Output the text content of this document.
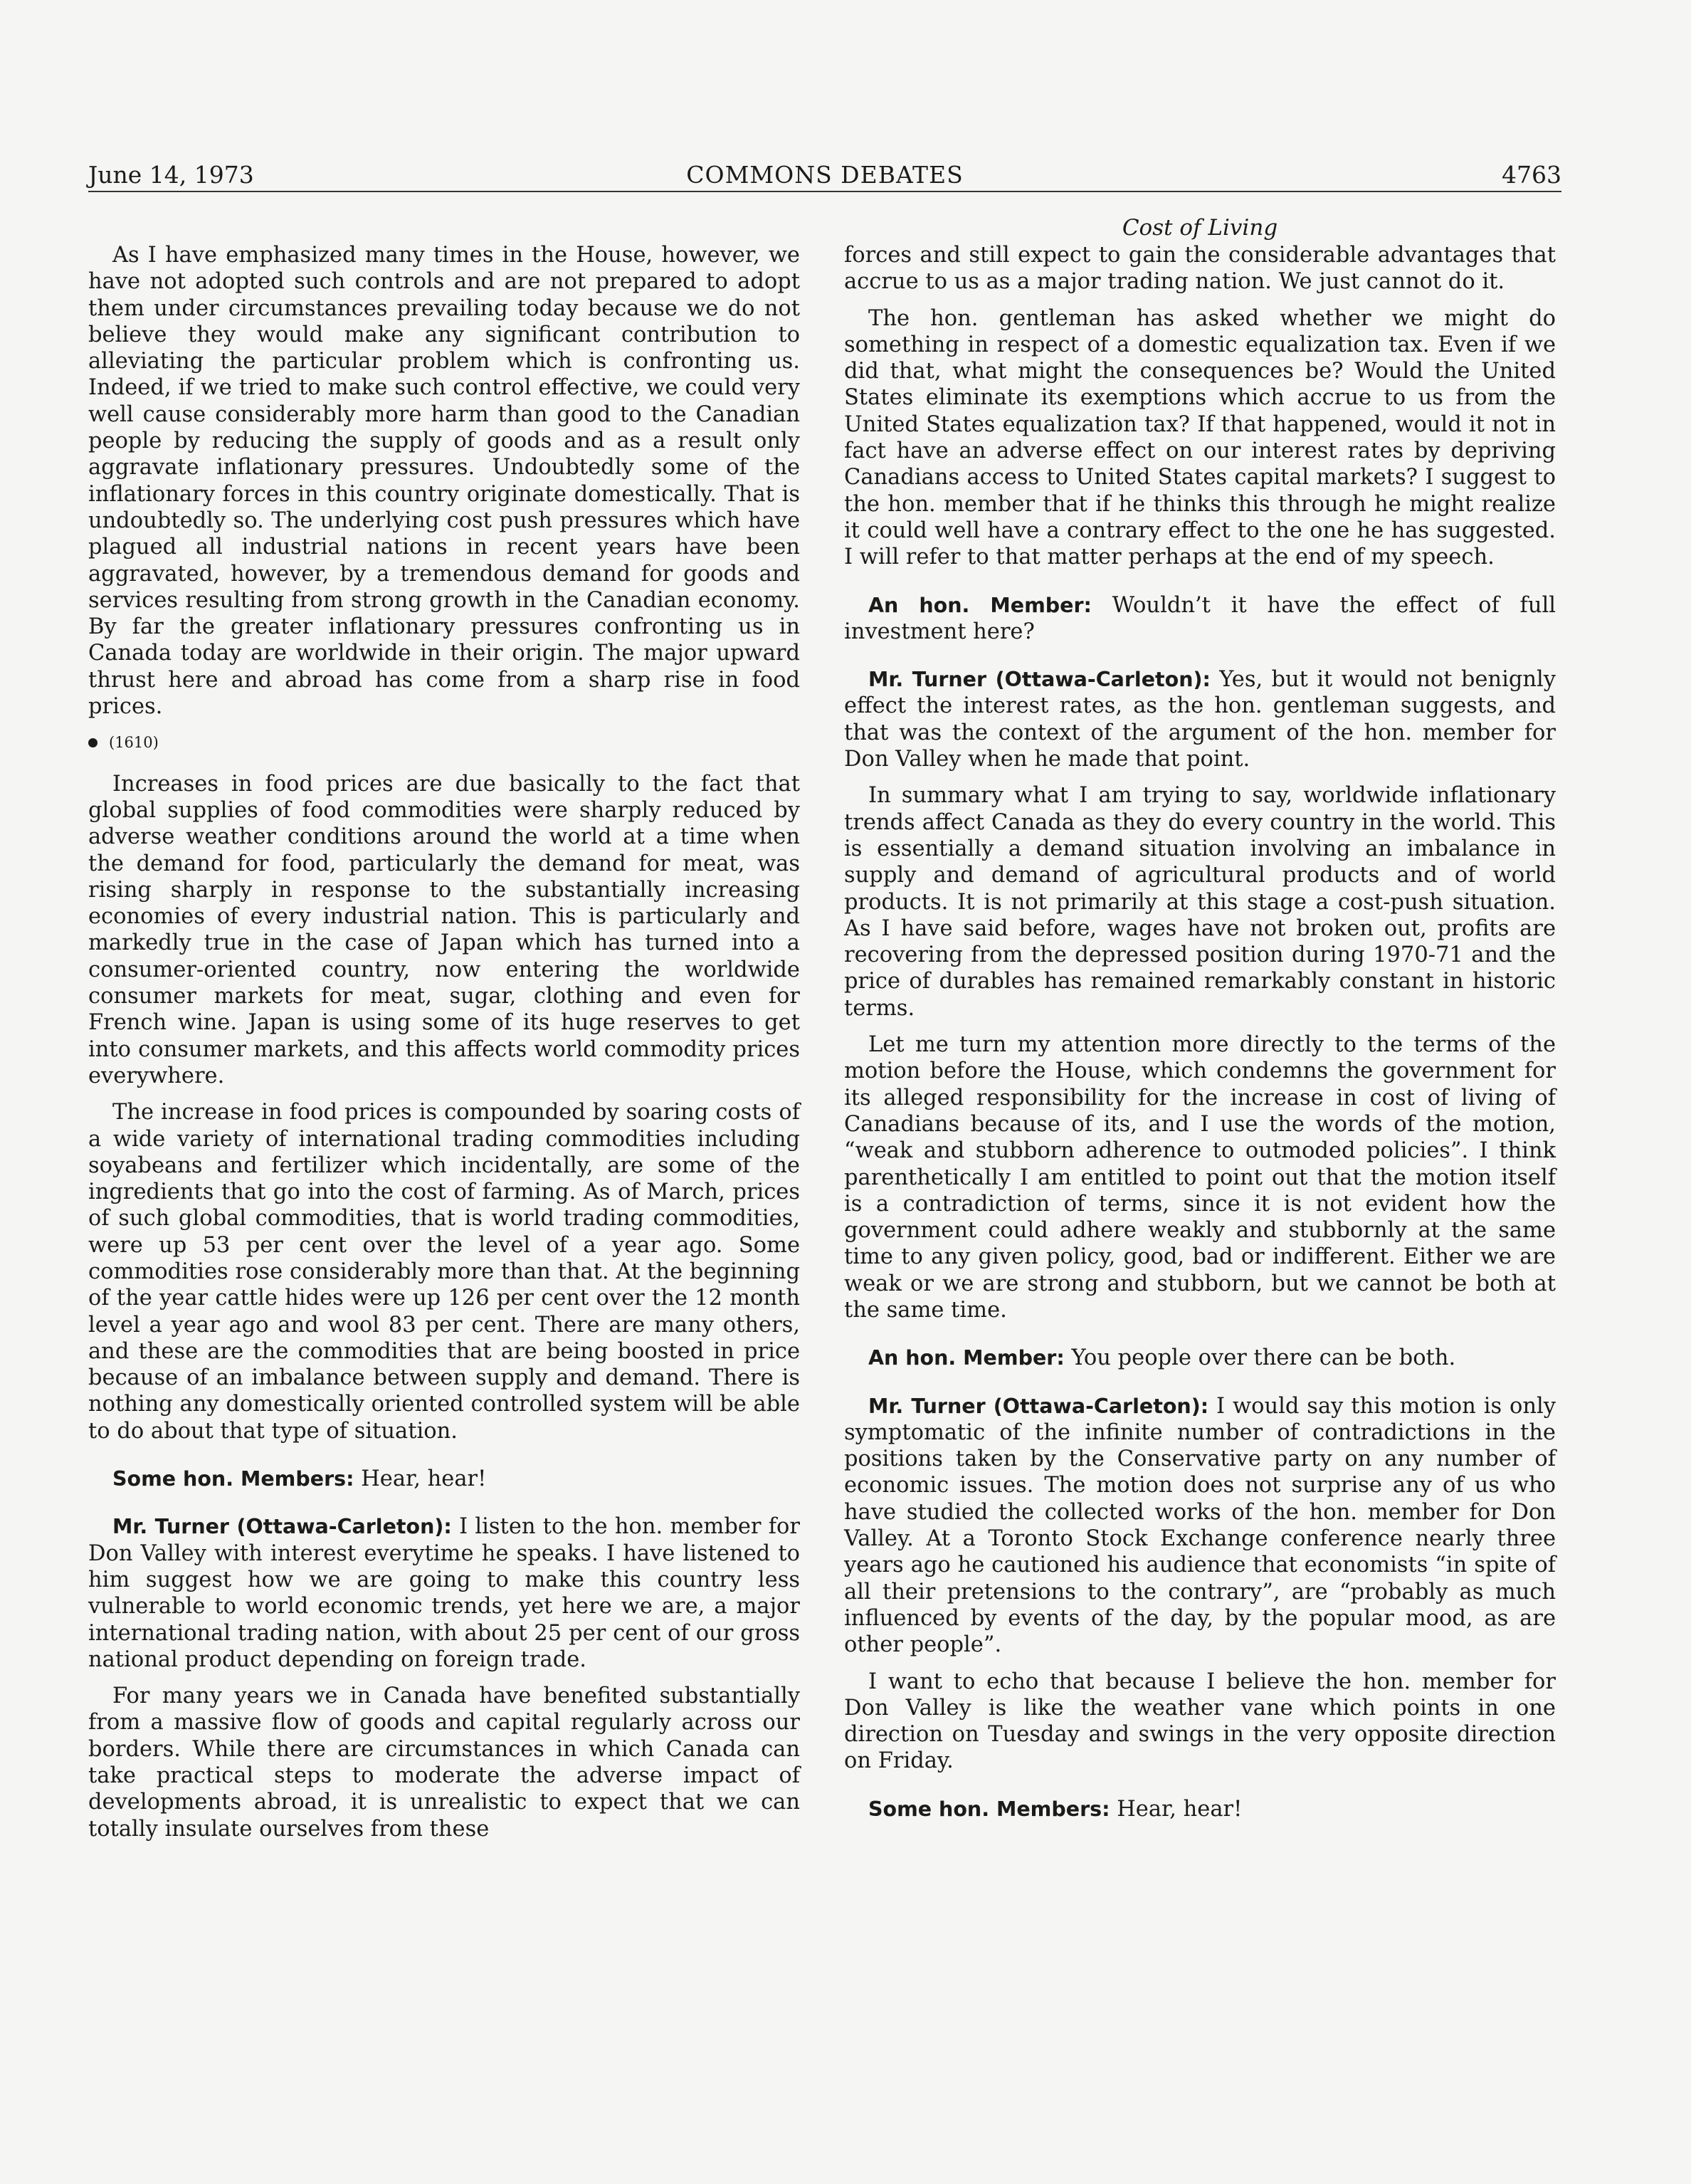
June 14, 1973	COMMONS DEBATES	4763
Cost of Living

As I have emphasized many times in the House, however, we have not adopted such controls and are not prepared to adopt them under circumstances prevailing today because we do not believe they would make any significant contribution to alleviating the particular problem which is confronting us. Indeed, if we tried to make such control effective, we could very well cause considerably more harm than good to the Canadian people by reducing the supply of goods and as a result only aggravate inflationary pressures. Undoubtedly some of the inflationary forces in this country originate domestically. That is undoubtedly so. The underlying cost push pressures which have plagued all industrial nations in recent years have been aggravated, however, by a tremendous demand for goods and services resulting from strong growth in the Canadian economy. By far the greater inflationary pressures confronting us in Canada today are worldwide in their origin. The major upward thrust here and abroad has come from a sharp rise in food prices.

(1610)

Increases in food prices are due basically to the fact that global supplies of food commodities were sharply reduced by adverse weather conditions around the world at a time when the demand for food, particularly the demand for meat, was rising sharply in response to the substantially increasing economies of every industrial nation. This is particularly and markedly true in the case of Japan which has turned into a consumer-oriented country, now entering the worldwide consumer markets for meat, sugar, clothing and even for French wine. Japan is using some of its huge reserves to get into consumer markets, and this affects world commodity prices everywhere.

The increase in food prices is compounded by soaring costs of a wide variety of international trading commodities including soyabeans and fertilizer which incidentally, are some of the ingredients that go into the cost of farming. As of March, prices of such global commodities, that is world trading commodities, were up 53 per cent over the level of a year ago. Some commodities rose considerably more than that. At the beginning of the year cattle hides were up 126 per cent over the 12 month level a year ago and wool 83 per cent. There are many others, and these are the commodities that are being boosted in price because of an imbalance between supply and demand. There is nothing any domestically oriented controlled system will be able to do about that type of situation.

Some hon. Members: Hear, hear!

Mr. Turner (Ottawa-Carleton): I listen to the hon. member for Don Valley with interest everytime he speaks. I have listened to him suggest how we are going to make this country less vulnerable to world economic trends, yet here we are, a major international trading nation, with about 25 per cent of our gross national product depending on foreign trade.

For many years we in Canada have benefited substantially from a massive flow of goods and capital regularly across our borders. While there are circumstances in which Canada can take practical steps to moderate the adverse impact of developments abroad, it is unrealistic to expect that we can totally insulate ourselves from these

forces and still expect to gain the considerable advantages that accrue to us as a major trading nation. We just cannot do it.

The hon. gentleman has asked whether we might do something in respect of a domestic equalization tax. Even if we did that, what might the consequences be? Would the United States eliminate its exemptions which accrue to us from the United States equalization tax? If that happened, would it not in fact have an adverse effect on our interest rates by depriving Canadians access to United States capital markets? I suggest to the hon. member that if he thinks this through he might realize it could well have a contrary effect to the one he has suggested. I will refer to that matter perhaps at the end of my speech.

An hon. Member: Wouldn’t it have the effect of full investment here?

Mr. Turner (Ottawa-Carleton): Yes, but it would not benignly effect the interest rates, as the hon. gentleman suggests, and that was the context of the argument of the hon. member for Don Valley when he made that point.

In summary what I am trying to say, worldwide inflationary trends affect Canada as they do every country in the world. This is essentially a demand situation involving an imbalance in supply and demand of agricultural products and of world products. It is not primarily at this stage a cost-push situation. As I have said before, wages have not broken out, profits are recovering from the depressed position during 1970-71 and the price of durables has remained remarkably constant in historic terms.

Let me turn my attention more directly to the terms of the motion before the House, which condemns the government for its alleged responsibility for the increase in cost of living of Canadians because of its, and I use the words of the motion, “weak and stubborn adherence to outmoded policies”. I think parenthetically I am entitled to point out that the motion itself is a contradiction of terms, since it is not evident how the government could adhere weakly and stubbornly at the same time to any given policy, good, bad or indifferent. Either we are weak or we are strong and stubborn, but we cannot be both at the same time.

An hon. Member: You people over there can be both.

Mr. Turner (Ottawa-Carleton): I would say this motion is only symptomatic of the infinite number of contradictions in the positions taken by the Conservative party on any number of economic issues. The motion does not surprise any of us who have studied the collected works of the hon. member for Don Valley. At a Toronto Stock Exchange conference nearly three years ago he cautioned his audience that economists “in spite of all their pretensions to the contrary”, are “probably as much influenced by events of the day, by the popular mood, as are other people”.

I want to echo that because I believe the hon. member for Don Valley is like the weather vane which points in one direction on Tuesday and swings in the very opposite direction on Friday.

Some hon. Members: Hear, hear!
